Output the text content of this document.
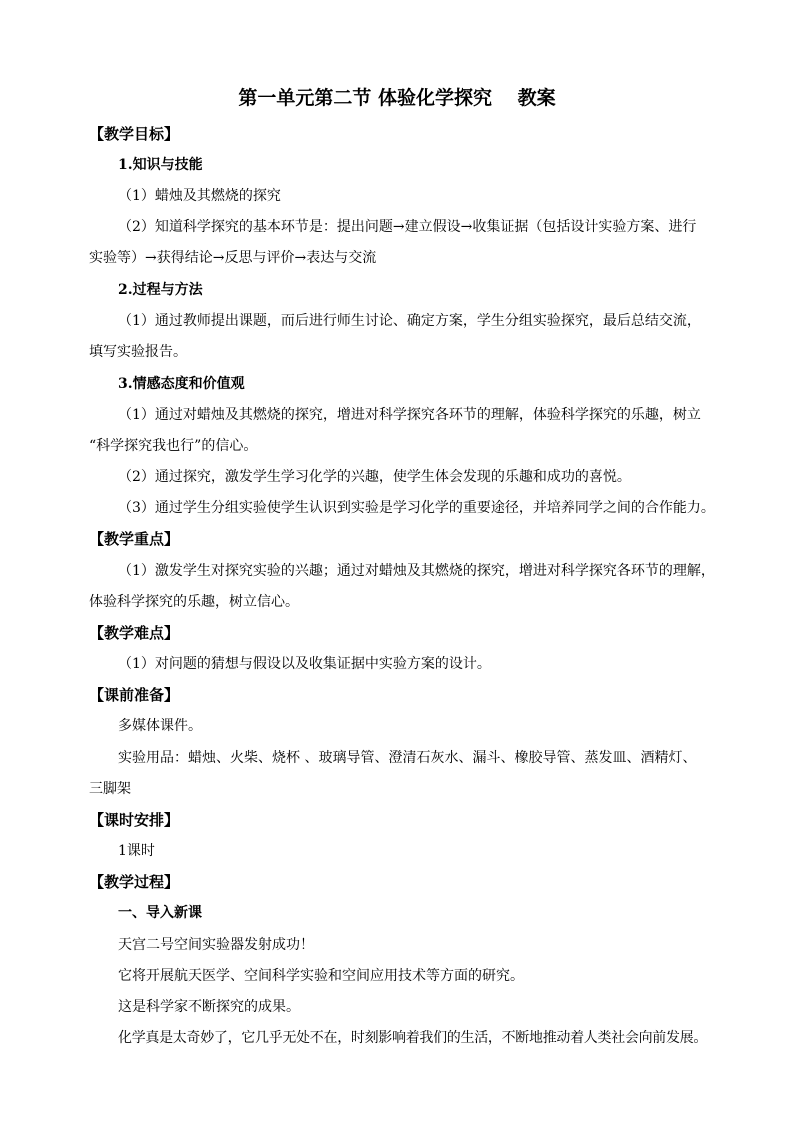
第一单元第二节 体验化学探究　 教案
【教学目标】
1.知识与技能
（1）蜡烛及其燃烧的探究
（2）知道科学探究的基本环节是：提出问题→建立假设→收集证据（包括设计实验方案、进行
实验等）→获得结论→反思与评价→表达与交流
2.过程与方法
（1）通过教师提出课题，而后进行师生讨论、确定方案，学生分组实验探究，最后总结交流，
填写实验报告。
3.情感态度和价值观
（1）通过对蜡烛及其燃烧的探究，增进对科学探究各环节的理解，体验科学探究的乐趣，树立
“科学探究我也行”的信心。
（2）通过探究，激发学生学习化学的兴趣，使学生体会发现的乐趣和成功的喜悦。
（3）通过学生分组实验使学生认识到实验是学习化学的重要途径，并培养同学之间的合作能力。
【教学重点】
（1）激发学生对探究实验的兴趣；通过对蜡烛及其燃烧的探究，增进对科学探究各环节的理解，
体验科学探究的乐趣，树立信心。
【教学难点】
（1）对问题的猜想与假设以及收集证据中实验方案的设计。
【课前准备】
多媒体课件。
实验用品：蜡烛、火柴、烧杯 、玻璃导管、澄清石灰水、漏斗、橡胶导管、蒸发皿、酒精灯、
三脚架
【课时安排】
1课时
【教学过程】
一、导入新课
天宫二号空间实验器发射成功！
它将开展航天医学、空间科学实验和空间应用技术等方面的研究。
这是科学家不断探究的成果。
化学真是太奇妙了，它几乎无处不在，时刻影响着我们的生活，不断地推动着人类社会向前发展。
